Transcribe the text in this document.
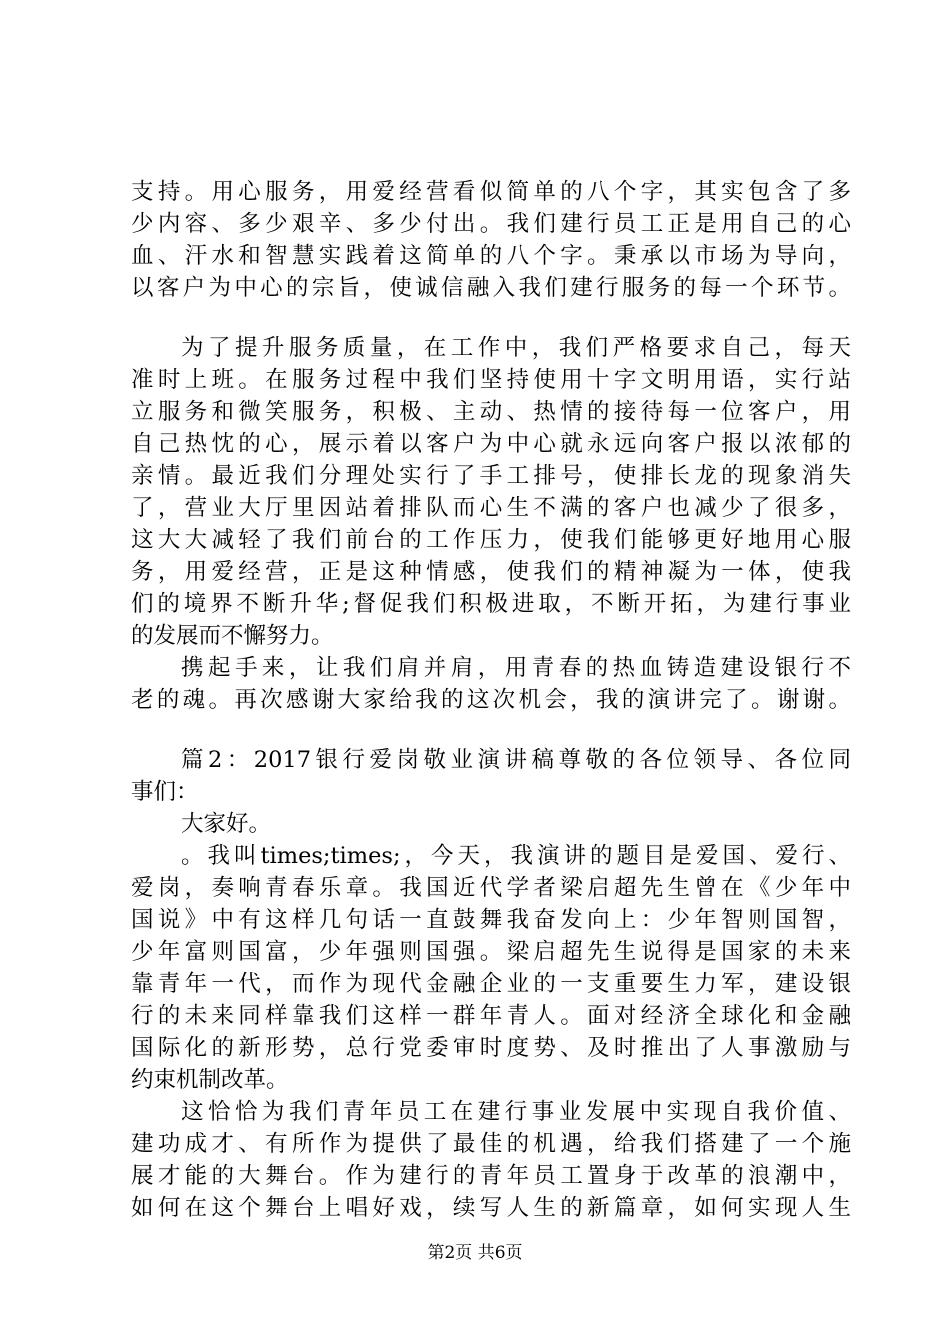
支持。用心服务，用爱经营看似简单的八个字，其实包含了多
少内容、多少艰辛、多少付出。我们建行员工正是用自己的心
血、汗水和智慧实践着这简单的八个字。秉承以市场为导向，
以客户为中心的宗旨，使诚信融入我们建行服务的每一个环节。
为了提升服务质量，在工作中，我们严格要求自己，每天
准时上班。在服务过程中我们坚持使用十字文明用语，实行站
立服务和微笑服务，积极、主动、热情的接待每一位客户，用
自己热忱的心，展示着以客户为中心就永远向客户报以浓郁的
亲情。最近我们分理处实行了手工排号，使排长龙的现象消失
了，营业大厅里因站着排队而心生不满的客户也减少了很多，
这大大减轻了我们前台的工作压力，使我们能够更好地用心服
务，用爱经营，正是这种情感，使我们的精神凝为一体，使我
们的境界不断升华;督促我们积极进取，不断开拓，为建行事业
的发展而不懈努力。
携起手来，让我们肩并肩，用青春的热血铸造建设银行不
老的魂。再次感谢大家给我的这次机会，我的演讲完了。谢谢。
篇2：2017银行爱岗敬业演讲稿尊敬的各位领导、各位同
事们：
大家好。
。我叫times;times;，今天，我演讲的题目是爱国、爱行、
爱岗，奏响青春乐章。我国近代学者梁启超先生曾在《少年中
国说》中有这样几句话一直鼓舞我奋发向上：少年智则国智，
少年富则国富，少年强则国强。梁启超先生说得是国家的未来
靠青年一代，而作为现代金融企业的一支重要生力军，建设银
行的未来同样靠我们这样一群年青人。面对经济全球化和金融
国际化的新形势，总行党委审时度势、及时推出了人事激励与
约束机制改革。
这恰恰为我们青年员工在建行事业发展中实现自我价值、
建功成才、有所作为提供了最佳的机遇，给我们搭建了一个施
展才能的大舞台。作为建行的青年员工置身于改革的浪潮中，
如何在这个舞台上唱好戏，续写人生的新篇章，如何实现人生
第2页 共6页
